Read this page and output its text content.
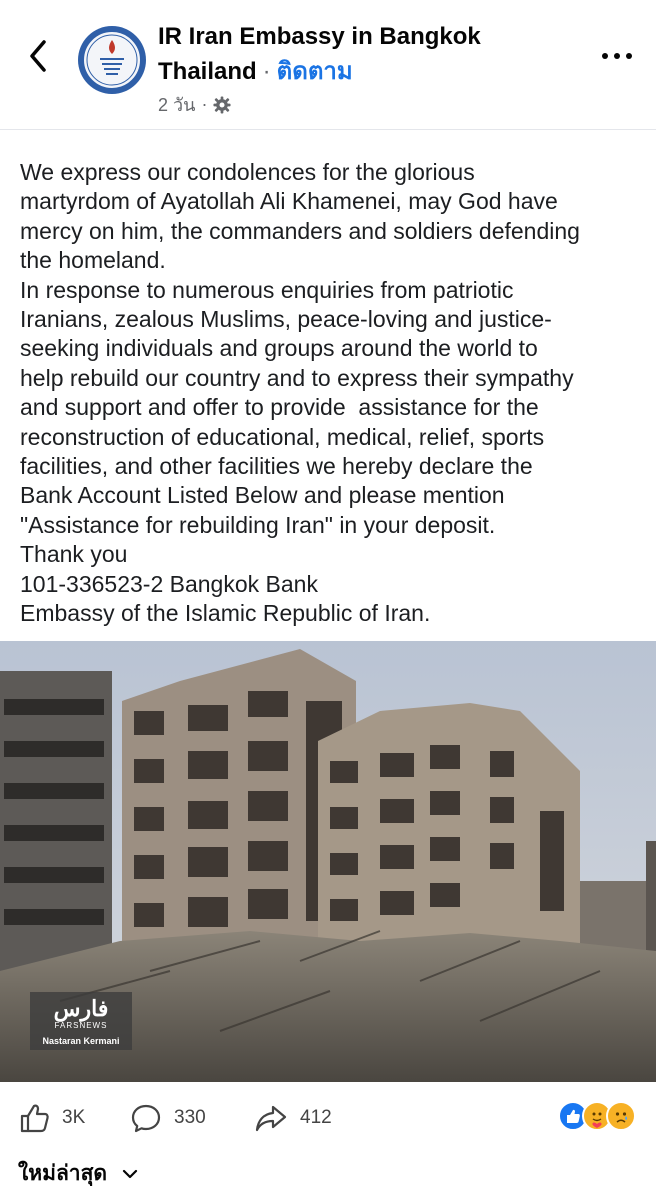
IR Iran Embassy in Bangkok
Thailand · ติดตาม
2 วัน ·

We express our condolences for the glorious
martyrdom of Ayatollah Ali Khamenei, may God have
mercy on him, the commanders and soldiers defending
the homeland.
In response to numerous enquiries from patriotic
Iranians, zealous Muslims, peace-loving and justice-
seeking individuals and groups around the world to
help rebuild our country and to express their sympathy
and support and offer to provide  assistance for the
reconstruction of educational, medical, relief, sports
facilities, and other facilities we hereby declare the
Bank Account Listed Below and please mention
"Assistance for rebuilding Iran" in your deposit.
Thank you
101-336523-2 Bangkok Bank
Embassy of the Islamic Republic of Iran.

فارس
FARSNEWS
Nastaran Kermani
3K	330	412
ใหม่ล่าสุด
